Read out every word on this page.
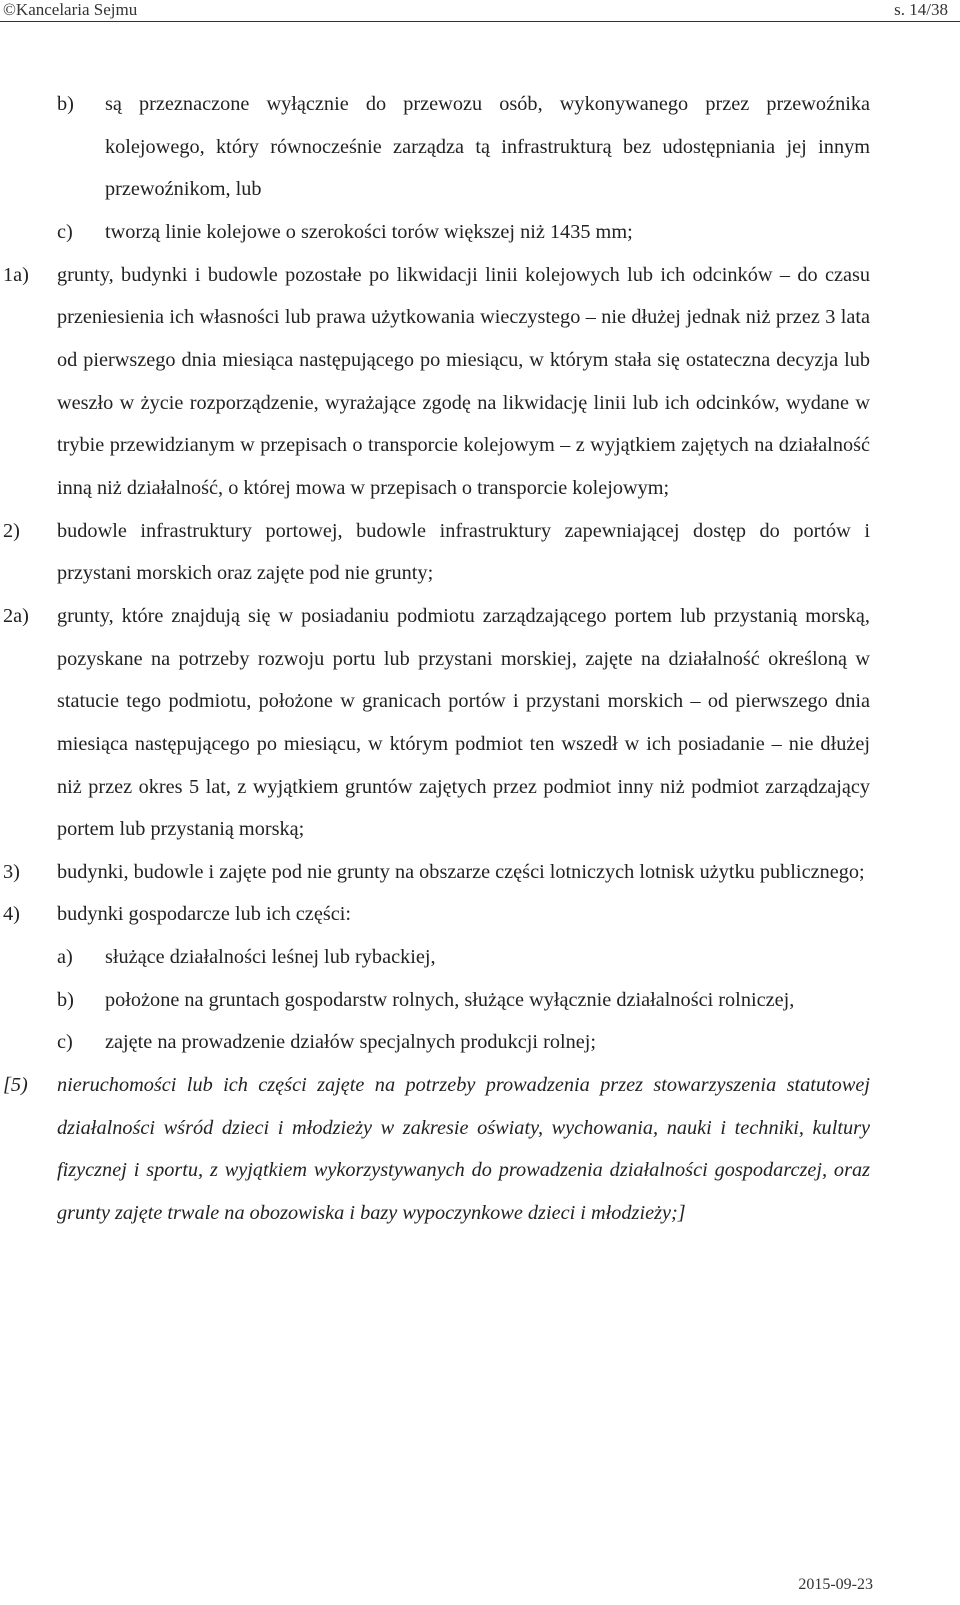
©Kancelaria Sejmu	s. 14/38
b) są przeznaczone wyłącznie do przewozu osób, wykonywanego przez przewoźnika kolejowego, który równocześnie zarządza tą infrastrukturą bez udostępniania jej innym przewoźnikom, lub
c) tworzą linie kolejowe o szerokości torów większej niż 1435 mm;
1a) grunty, budynki i budowle pozostałe po likwidacji linii kolejowych lub ich odcinków – do czasu przeniesienia ich własności lub prawa użytkowania wieczystego – nie dłużej jednak niż przez 3 lata od pierwszego dnia miesiąca następującego po miesiącu, w którym stała się ostateczna decyzja lub weszło w życie rozporządzenie, wyrażające zgodę na likwidację linii lub ich odcinków, wydane w trybie przewidzianym w przepisach o transporcie kolejowym – z wyjątkiem zajętych na działalność inną niż działalność, o której mowa w przepisach o transporcie kolejowym;
2) budowle infrastruktury portowej, budowle infrastruktury zapewniającej dostęp do portów i przystani morskich oraz zajęte pod nie grunty;
2a) grunty, które znajdują się w posiadaniu podmiotu zarządzającego portem lub przystanią morską, pozyskane na potrzeby rozwoju portu lub przystani morskiej, zajęte na działalność określoną w statucie tego podmiotu, położone w granicach portów i przystani morskich – od pierwszego dnia miesiąca następującego po miesiącu, w którym podmiot ten wszedł w ich posiadanie – nie dłużej niż przez okres 5 lat, z wyjątkiem gruntów zajętych przez podmiot inny niż podmiot zarządzający portem lub przystanią morską;
3) budynki, budowle i zajęte pod nie grunty na obszarze części lotniczych lotnisk użytku publicznego;
4) budynki gospodarcze lub ich części:
a) służące działalności leśnej lub rybackiej,
b) położone na gruntach gospodarstw rolnych, służące wyłącznie działalności rolniczej,
c) zajęte na prowadzenie działów specjalnych produkcji rolnej;
[5) nieruchomości lub ich części zajęte na potrzeby prowadzenia przez stowarzyszenia statutowej działalności wśród dzieci i młodzieży w zakresie oświaty, wychowania, nauki i techniki, kultury fizycznej i sportu, z wyjątkiem wykorzystywanych do prowadzenia działalności gospodarczej, oraz grunty zajęte trwale na obozowiska i bazy wypoczynkowe dzieci i młodzieży;]
2015-09-23
